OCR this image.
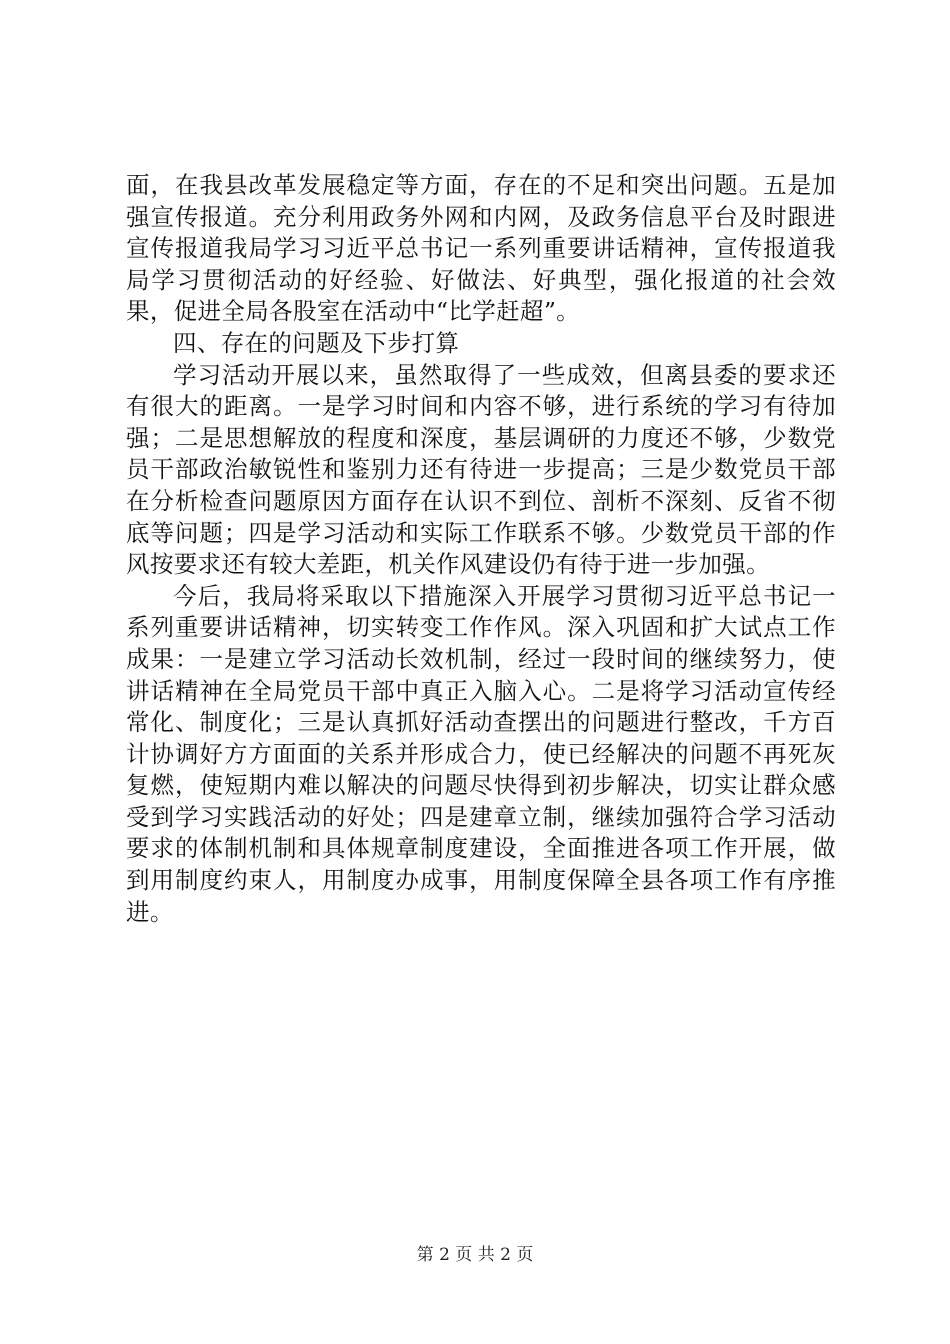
面，在我县改革发展稳定等方面，存在的不足和突出问题。五是加强宣传报道。充分利用政务外网和内网，及政务信息平台及时跟进宣传报道我局学习习近平总书记一系列重要讲话精神，宣传报道我局学习贯彻活动的好经验、好做法、好典型，强化报道的社会效果，促进全局各股室在活动中“比学赶超”。

四、存在的问题及下步打算

学习活动开展以来，虽然取得了一些成效，但离县委的要求还有很大的距离。一是学习时间和内容不够，进行系统的学习有待加强；二是思想解放的程度和深度，基层调研的力度还不够，少数党员干部政治敏锐性和鉴别力还有待进一步提高；三是少数党员干部在分析检查问题原因方面存在认识不到位、剖析不深刻、反省不彻底等问题；四是学习活动和实际工作联系不够。少数党员干部的作风按要求还有较大差距，机关作风建设仍有待于进一步加强。

今后，我局将采取以下措施深入开展学习贯彻习近平总书记一系列重要讲话精神，切实转变工作作风。深入巩固和扩大试点工作成果：一是建立学习活动长效机制，经过一段时间的继续努力，使讲话精神在全局党员干部中真正入脑入心。二是将学习活动宣传经常化、制度化；三是认真抓好活动查摆出的问题进行整改，千方百计协调好方方面面的关系并形成合力，使已经解决的问题不再死灰复燃，使短期内难以解决的问题尽快得到初步解决，切实让群众感受到学习实践活动的好处；四是建章立制，继续加强符合学习活动要求的体制机制和具体规章制度建设，全面推进各项工作开展，做到用制度约束人，用制度办成事，用制度保障全县各项工作有序推进。

第 2 页 共 2 页
